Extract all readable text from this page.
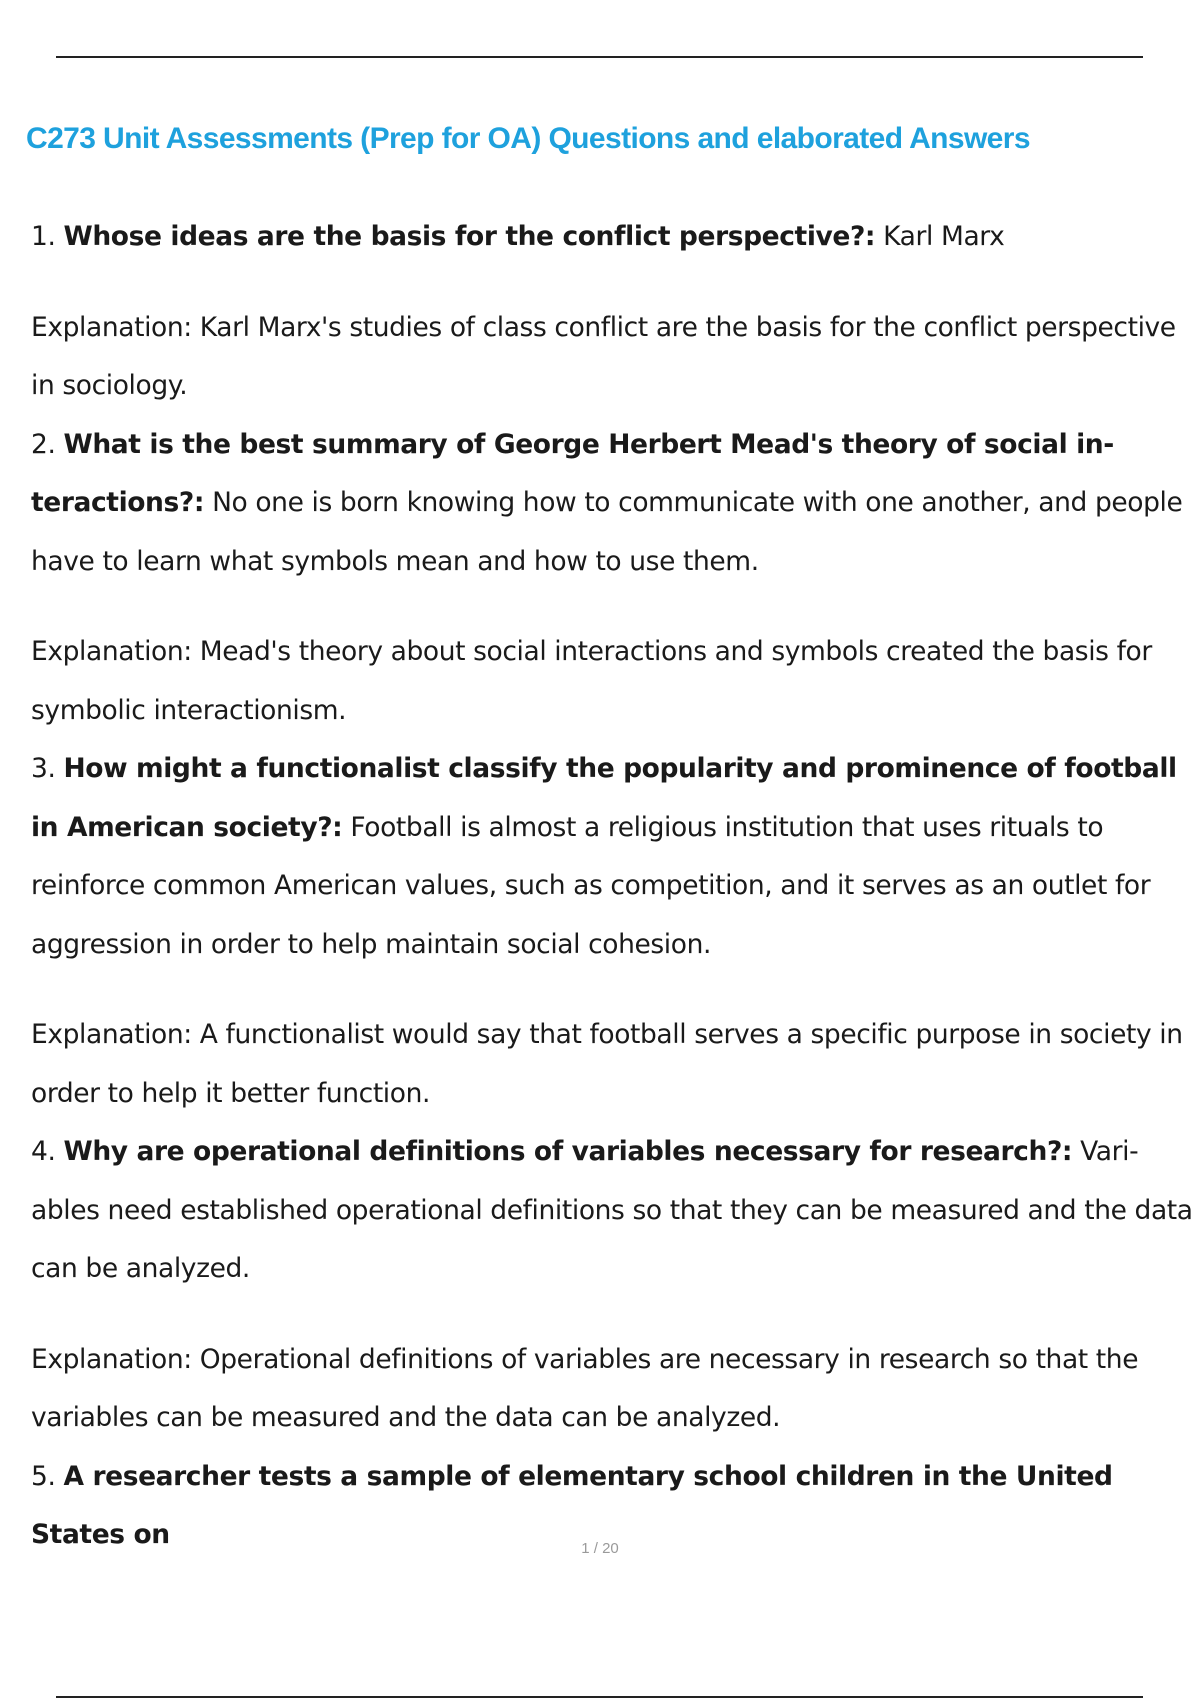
C273 Unit Assessments (Prep for OA) Questions and elaborated Answers

1. Whose ideas are the basis for the conflict perspective?: Karl Marx

Explanation: Karl Marx's studies of class conflict are the basis for the conflict perspective in sociology.

2. What is the best summary of George Herbert Mead's theory of social in- teractions?: No one is born knowing how to communicate with one another, and people have to learn what symbols mean and how to use them.

Explanation: Mead's theory about social interactions and symbols created the basis for symbolic interactionism.

3. How might a functionalist classify the popularity and prominence of football in American society?: Football is almost a religious institution that uses rituals to reinforce common American values, such as competition, and it serves as an outlet for aggression in order to help maintain social cohesion.

Explanation: A functionalist would say that football serves a specific purpose in society in order to help it better function.

4. Why are operational definitions of variables necessary for research?: Vari- ables need established operational definitions so that they can be measured and the data can be analyzed.

Explanation: Operational definitions of variables are necessary in research so that the variables can be measured and the data can be analyzed.

5. A researcher tests a sample of elementary school children in the United States on	1 / 20
